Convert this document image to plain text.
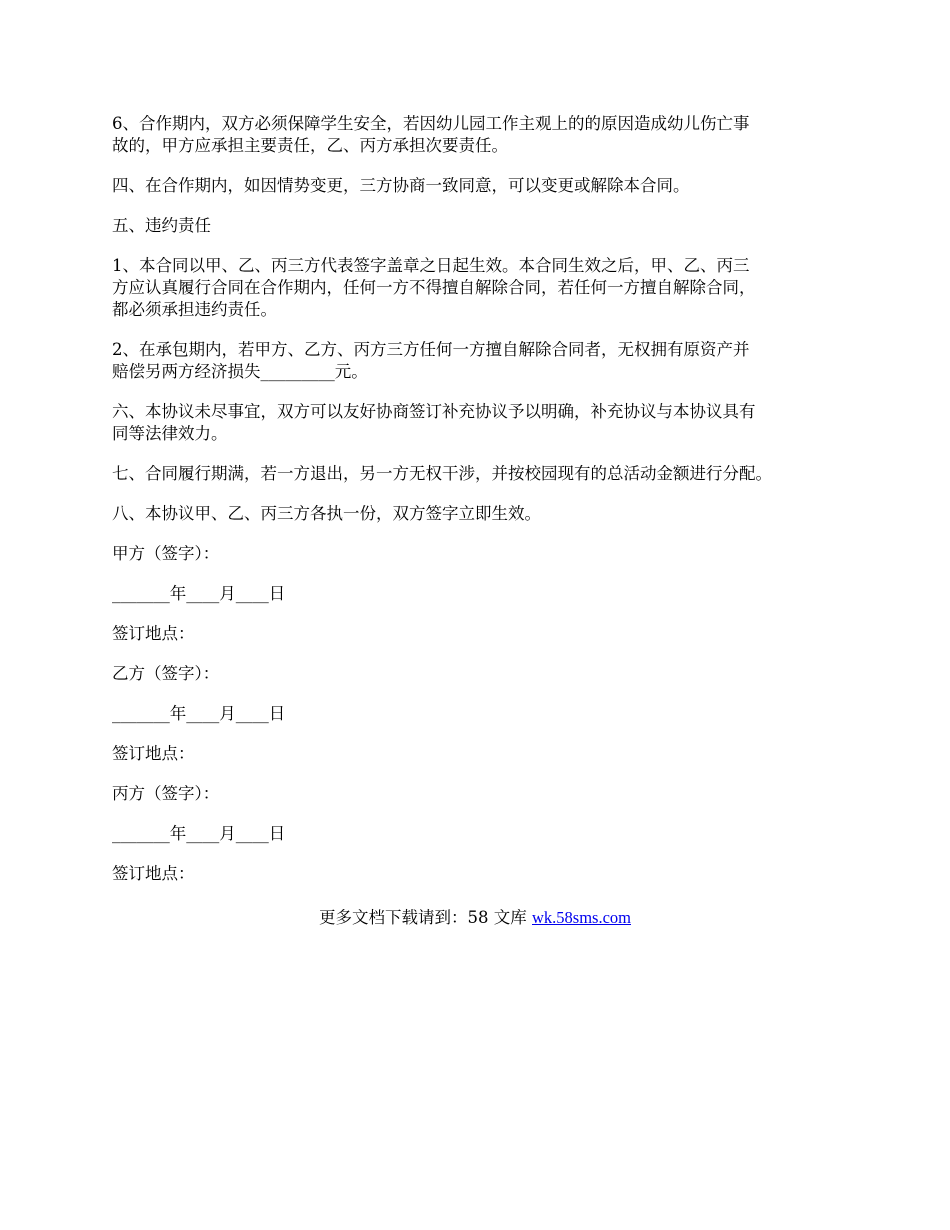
6、合作期内，双方必须保障学生安全，若因幼儿园工作主观上的的原因造成幼儿伤亡事
故的，甲方应承担主要责任，乙、丙方承担次要责任。

四、在合作期内，如因情势变更，三方协商一致同意，可以变更或解除本合同。

五、违约责任

1、本合同以甲、乙、丙三方代表签字盖章之日起生效。本合同生效之后，甲、乙、丙三
方应认真履行合同在合作期内，任何一方不得擅自解除合同，若任何一方擅自解除合同，
都必须承担违约责任。

2、在承包期内，若甲方、乙方、丙方三方任何一方擅自解除合同者，无权拥有原资产并
赔偿另两方经济损失_________元。

六、本协议未尽事宜，双方可以友好协商签订补充协议予以明确，补充协议与本协议具有
同等法律效力。

七、合同履行期满，若一方退出，另一方无权干涉，并按校园现有的总活动金额进行分配。

八、本协议甲、乙、丙三方各执一份，双方签字立即生效。

甲方（签字）：

_______年____月____日

签订地点：

乙方（签字）：

_______年____月____日

签订地点：

丙方（签字）：

_______年____月____日

签订地点：

更多文档下载请到：58 文库 wk.58sms.com
